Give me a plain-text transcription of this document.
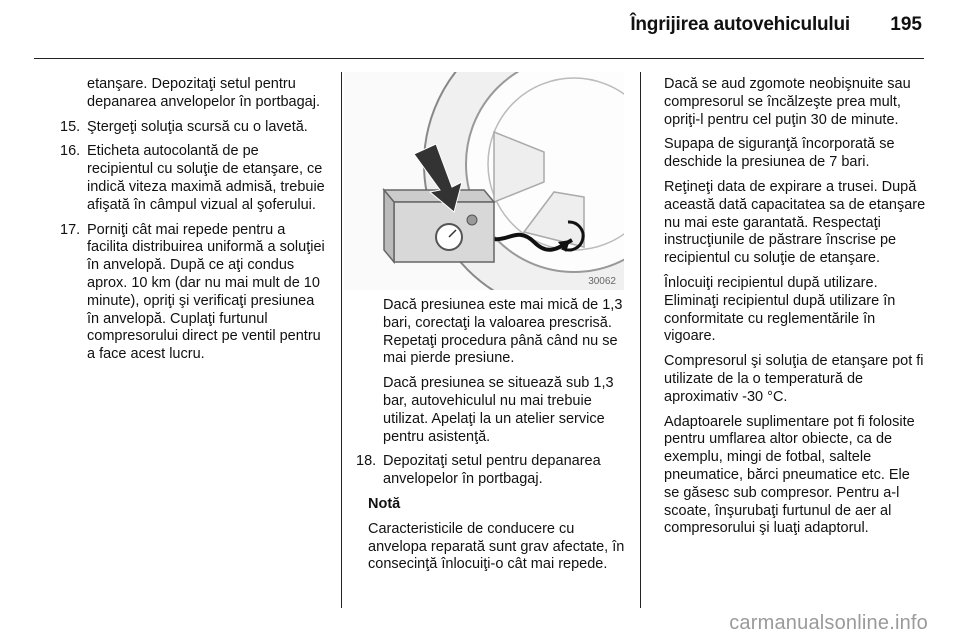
Îngrijirea autovehiculului	195
etanşare. Depozitaţi setul pentru depanarea anvelopelor în portbagaj.
15. Ştergeţi soluţia scursă cu o lavetă.
16. Eticheta autocolantă de pe recipientul cu soluţie de etanşare, ce indică viteza maximă admisă, trebuie afişată în câmpul vizual al şoferului.
17. Porniţi cât mai repede pentru a facilita distribuirea uniformă a soluţiei în anvelopă. După ce aţi condus aprox. 10 km (dar nu mai mult de 10 minute), opriţi şi verificaţi presiunea în anvelopă. Cuplaţi furtunul compresorului direct pe ventil pentru a face acest lucru.
30062
Dacă presiunea este mai mică de 1,3 bari, corectaţi la valoarea prescrisă. Repetaţi procedura până când nu se mai pierde presiune.
Dacă presiunea se situează sub 1,3 bar, autovehiculul nu mai trebuie utilizat. Apelaţi la un atelier service pentru asistenţă.
18. Depozitaţi setul pentru depanarea anvelopelor în portbagaj.

Notă

Caracteristicile de conducere cu anvelopa reparată sunt grav afectate, în consecinţă înlocuiţi-o cât mai repede.

Dacă se aud zgomote neobişnuite sau compresorul se încălzeşte prea mult, opriţi-l pentru cel puţin 30 de minute.

Supapa de siguranţă încorporată se deschide la presiunea de 7 bari.

Reţineţi data de expirare a trusei. După această dată capacitatea sa de etanşare nu mai este garantată. Respectaţi instrucţiunile de păstrare înscrise pe recipientul cu soluţie de etanşare.

Înlocuiţi recipientul după utilizare. Eliminaţi recipientul după utilizare în conformitate cu reglementările în vigoare.

Compresorul şi soluţia de etanşare pot fi utilizate de la o temperatură de aproximativ -30 °C.

Adaptoarele suplimentare pot fi folosite pentru umflarea altor obiecte, ca de exemplu, mingi de fotbal, saltele pneumatice, bărci pneumatice etc. Ele se găsesc sub compresor. Pentru a-l scoate, înşurubaţi furtunul de aer al compresorului şi luaţi adaptorul.

carmanualsonline.info
